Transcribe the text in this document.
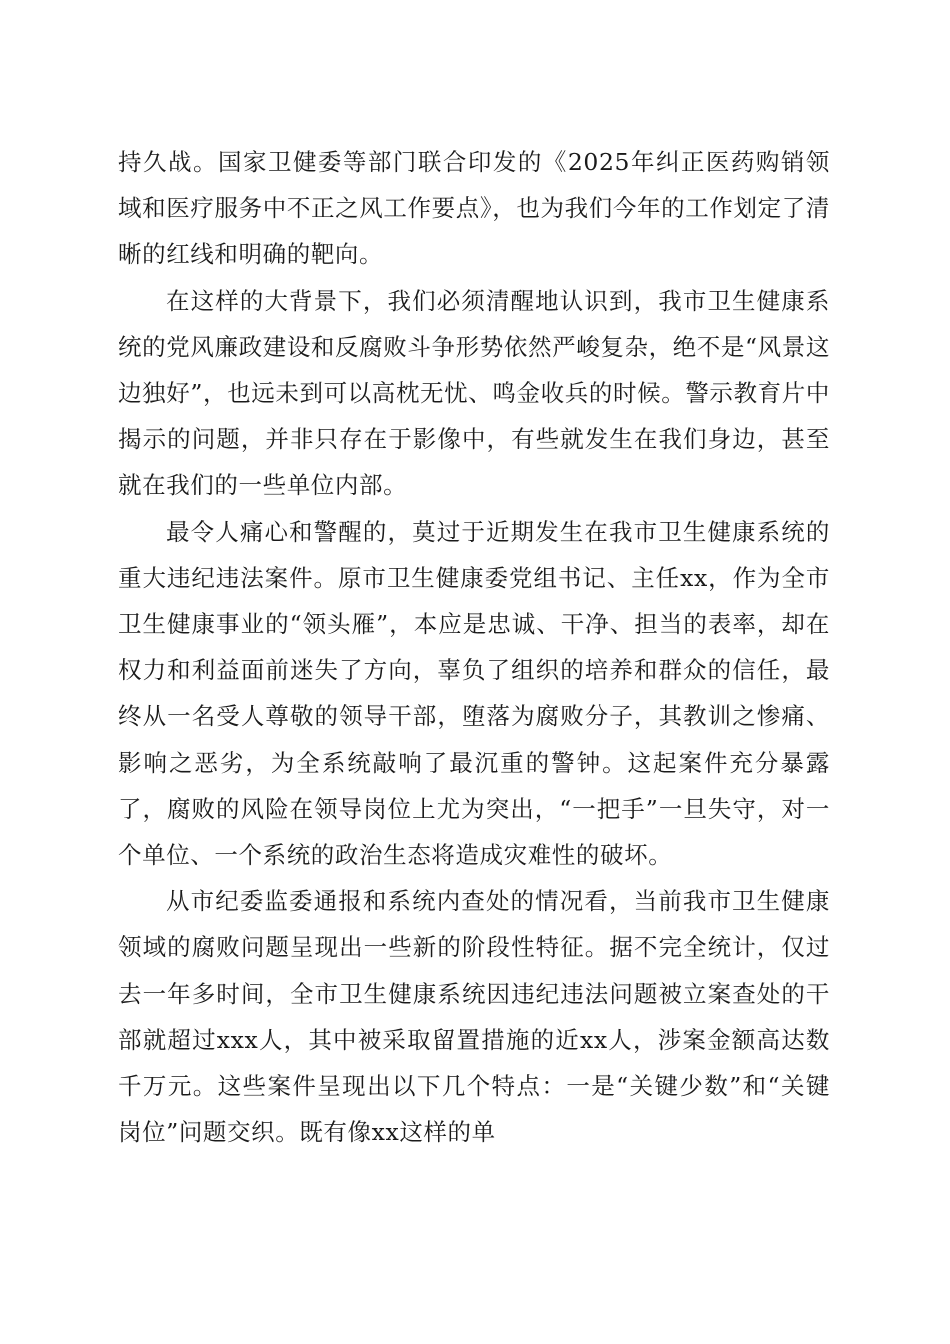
持久战。国家卫健委等部门联合印发的《2025年纠正医药购销领域和医疗服务中不正之风工作要点》，也为我们今年的工作划定了清晰的红线和明确的靶向。

在这样的大背景下，我们必须清醒地认识到，我市卫生健康系统的党风廉政建设和反腐败斗争形势依然严峻复杂，绝不是“风景这边独好”，也远未到可以高枕无忧、鸣金收兵的时候。警示教育片中揭示的问题，并非只存在于影像中，有些就发生在我们身边，甚至就在我们的一些单位内部。

最令人痛心和警醒的，莫过于近期发生在我市卫生健康系统的重大违纪违法案件。原市卫生健康委党组书记、主任xx，作为全市卫生健康事业的“领头雁”，本应是忠诚、干净、担当的表率，却在权力和利益面前迷失了方向，辜负了组织的培养和群众的信任，最终从一名受人尊敬的领导干部，堕落为腐败分子，其教训之惨痛、影响之恶劣，为全系统敲响了最沉重的警钟。这起案件充分暴露了，腐败的风险在领导岗位上尤为突出，“一把手”一旦失守，对一个单位、一个系统的政治生态将造成灾难性的破坏。

从市纪委监委通报和系统内查处的情况看，当前我市卫生健康领域的腐败问题呈现出一些新的阶段性特征。据不完全统计，仅过去一年多时间，全市卫生健康系统因违纪违法问题被立案查处的干部就超过xxx人，其中被采取留置措施的近xx人，涉案金额高达数千万元。这些案件呈现出以下几个特点：一是“关键少数”和“关键岗位”问题交织。既有像xx这样的单
